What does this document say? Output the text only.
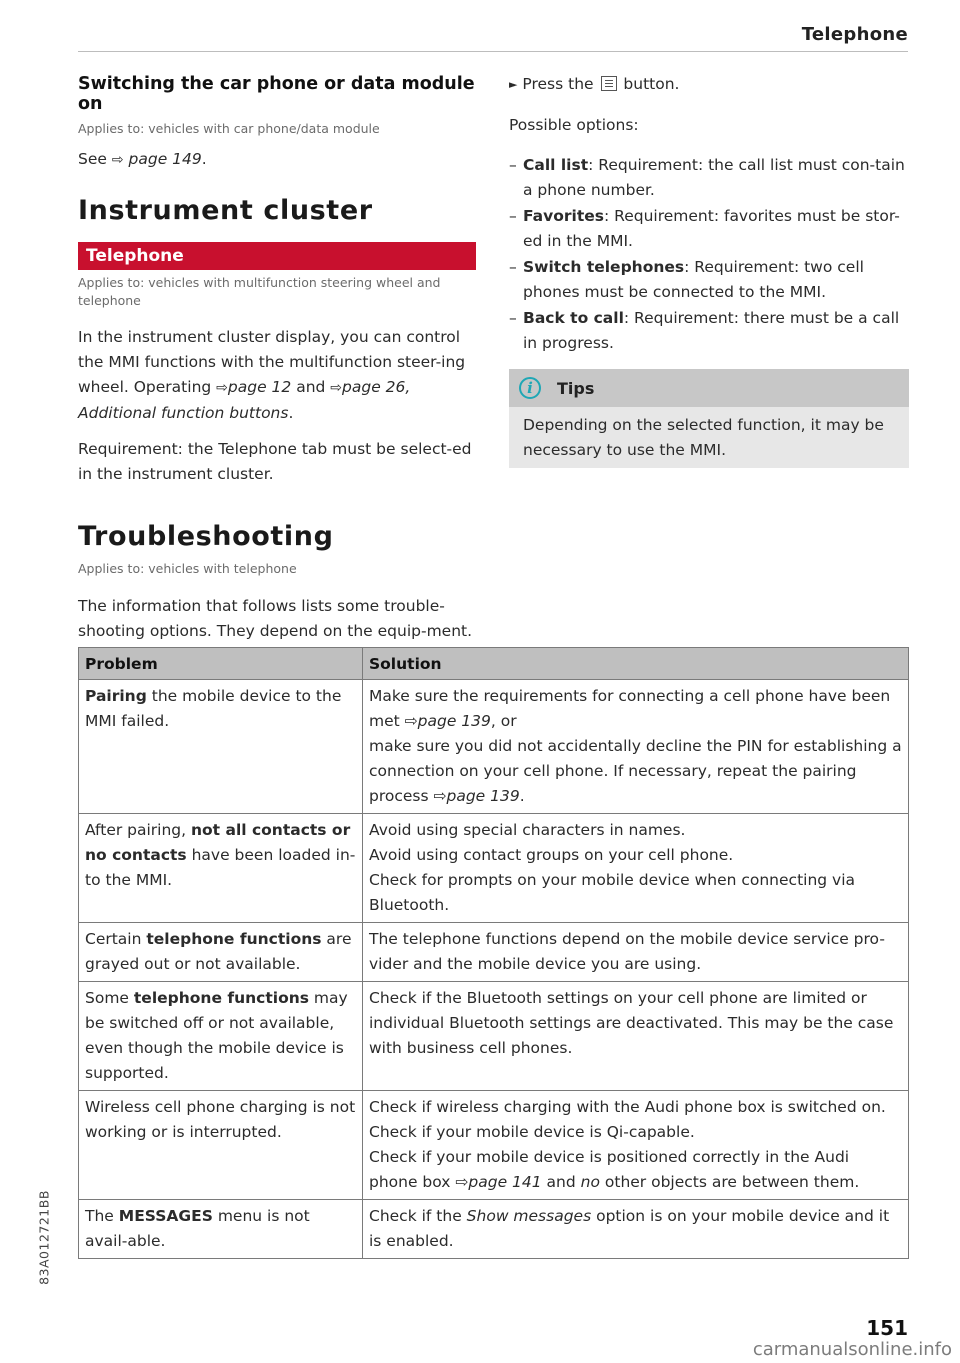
Telephone
Switching the car phone or data module on
Applies to: vehicles with car phone/data module
See ⇨ page 149.
Instrument cluster
Telephone
Applies to: vehicles with multifunction steering wheel and telephone
In the instrument cluster display, you can control the MMI functions with the multifunction steer-ing wheel. Operating ⇨page 12 and ⇨page 26, Additional function buttons.
Requirement: the Telephone tab must be select-ed in the instrument cluster.
Troubleshooting
Applies to: vehicles with telephone
The information that follows lists some trouble-shooting options. They depend on the equip-ment.
► Press the  button.
Possible options:
– Call list: Requirement: the call list must con-tain a phone number.
– Favorites: Requirement: favorites must be stor-ed in the MMI.
– Switch telephones: Requirement: two cell phones must be connected to the MMI.
– Back to call: Requirement: there must be a call in progress.
i	Tips
Depending on the selected function, it may be necessary to use the MMI.
Problem	Solution
Pairing the mobile device to the MMI failed.	Make sure the requirements for connecting a cell phone have been met ⇨page 139, or
make sure you did not accidentally decline the PIN for establishing a connection on your cell phone. If necessary, repeat the pairing process ⇨page 139.

After pairing, not all contacts or no contacts have been loaded in-to the MMI.	Avoid using special characters in names.
Avoid using contact groups on your cell phone.
Check for prompts on your mobile device when connecting via Bluetooth.

Certain telephone functions are grayed out or not available.	The telephone functions depend on the mobile device service pro-vider and the mobile device you are using.

Some telephone functions may be switched off or not available, even though the mobile device is supported.	Check if the Bluetooth settings on your cell phone are limited or individual Bluetooth settings are deactivated. This may be the case with business cell phones.

Wireless cell phone charging is not working or is interrupted.	Check if wireless charging with the Audi phone box is switched on.
Check if your mobile device is Qi-capable.
Check if your mobile device is positioned correctly in the Audi phone box ⇨page 141 and no other objects are between them.

The MESSAGES menu is not avail-able.	Check if the Show messages option is on your mobile device and it is enabled.
83A012721BB
151
carmanualsonline.info
